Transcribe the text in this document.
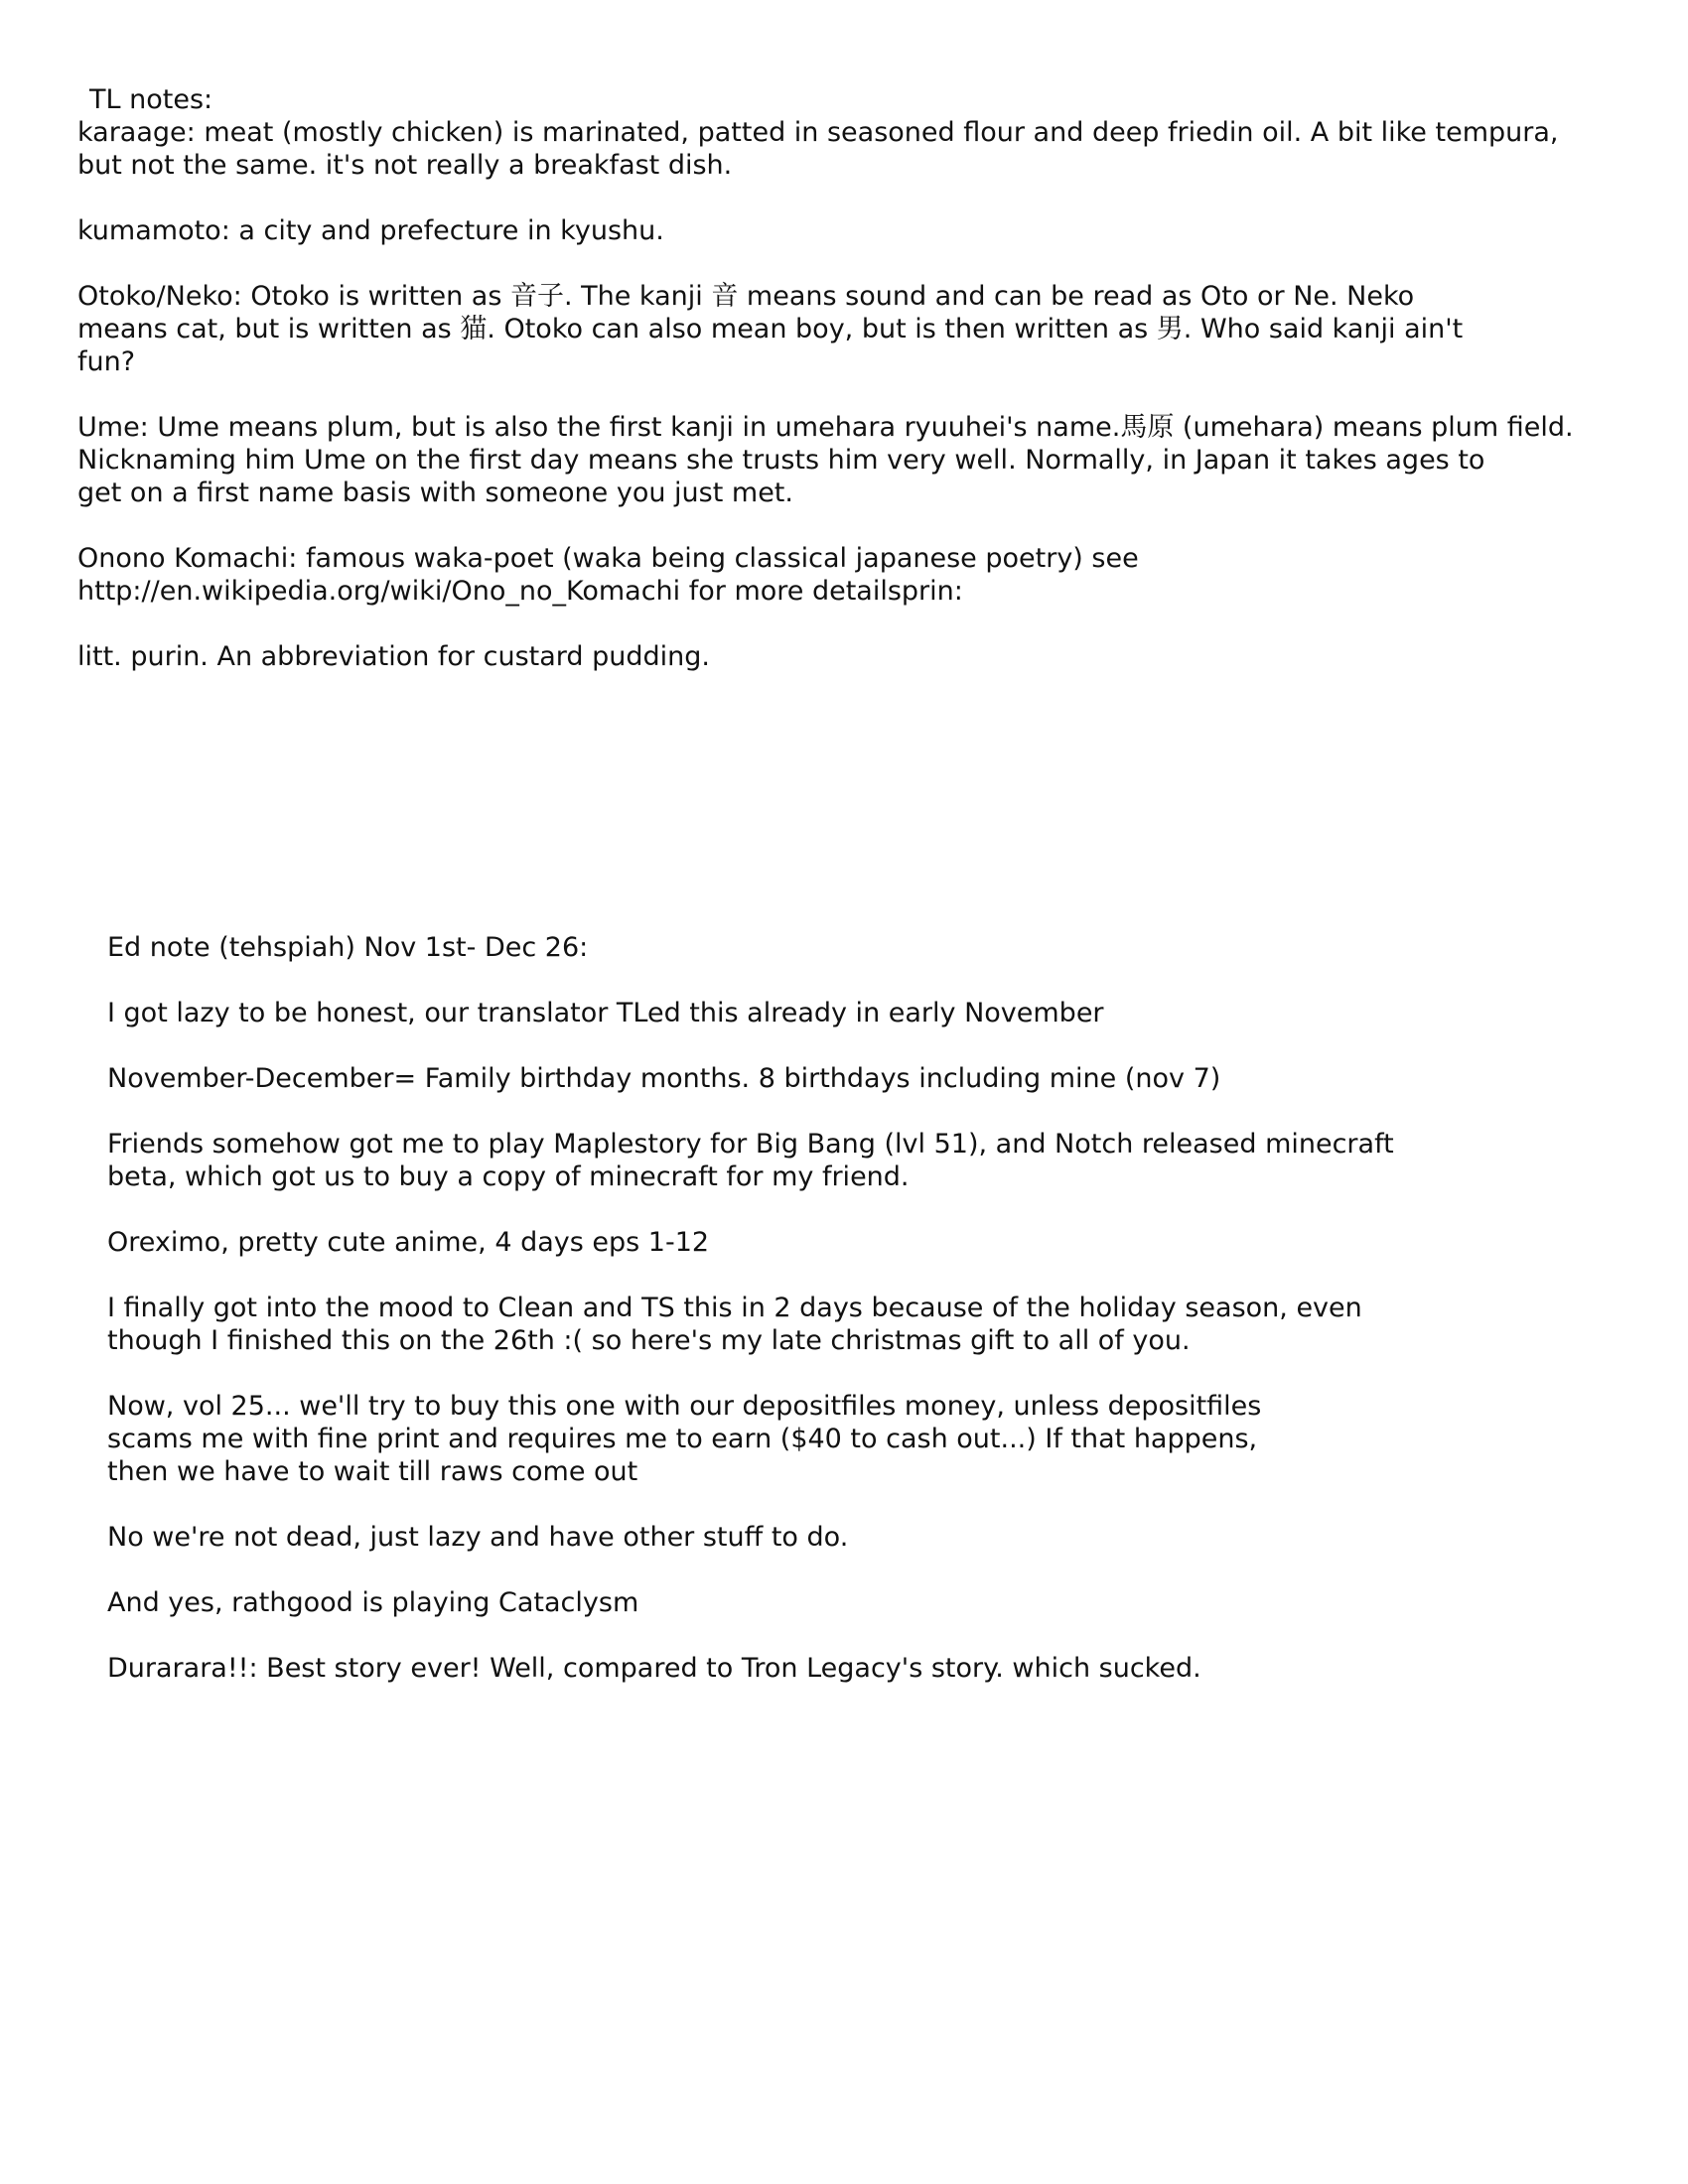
TL notes:

karaage: meat (mostly chicken) is marinated, patted in seasoned flour and deep friedin oil. A bit like tempura,
but not the same. it's not really a breakfast dish.

kumamoto: a city and prefecture in kyushu.

Otoko/Neko: Otoko is written as 音子. The kanji 音 means sound and can be read as Oto or Ne. Neko
means cat, but is written as 猫. Otoko can also mean boy, but is then written as 男. Who said kanji ain't
fun?

Ume: Ume means plum, but is also the first kanji in umehara ryuuhei's name.馬原 (umehara) means plum field.
Nicknaming him Ume on the first day means she trusts him very well. Normally, in Japan it takes ages to
get on a first name basis with someone you just met.

Onono Komachi: famous waka-poet (waka being classical japanese poetry) see
http://en.wikipedia.org/wiki/Ono_no_Komachi for more detailsprin:

litt. purin. An abbreviation for custard pudding.

Ed note (tehspiah) Nov 1st- Dec 26:

I got lazy to be honest, our translator TLed this already in early November

November-December= Family birthday months. 8 birthdays including mine (nov 7)

Friends somehow got me to play Maplestory for Big Bang (lvl 51), and Notch released minecraft
beta, which got us to buy a copy of minecraft for my friend.

Oreximo, pretty cute anime, 4 days eps 1-12

I finally got into the mood to Clean and TS this in 2 days because of the holiday season, even
though I finished this on the 26th :( so here's my late christmas gift to all of you.

Now, vol 25... we'll try to buy this one with our depositfiles money, unless depositfiles
scams me with fine print and requires me to earn ($40 to cash out...) If that happens,
then we have to wait till raws come out

No we're not dead, just lazy and have other stuff to do.

And yes, rathgood is playing Cataclysm

Durarara!!: Best story ever! Well, compared to Tron Legacy's story. which sucked.
